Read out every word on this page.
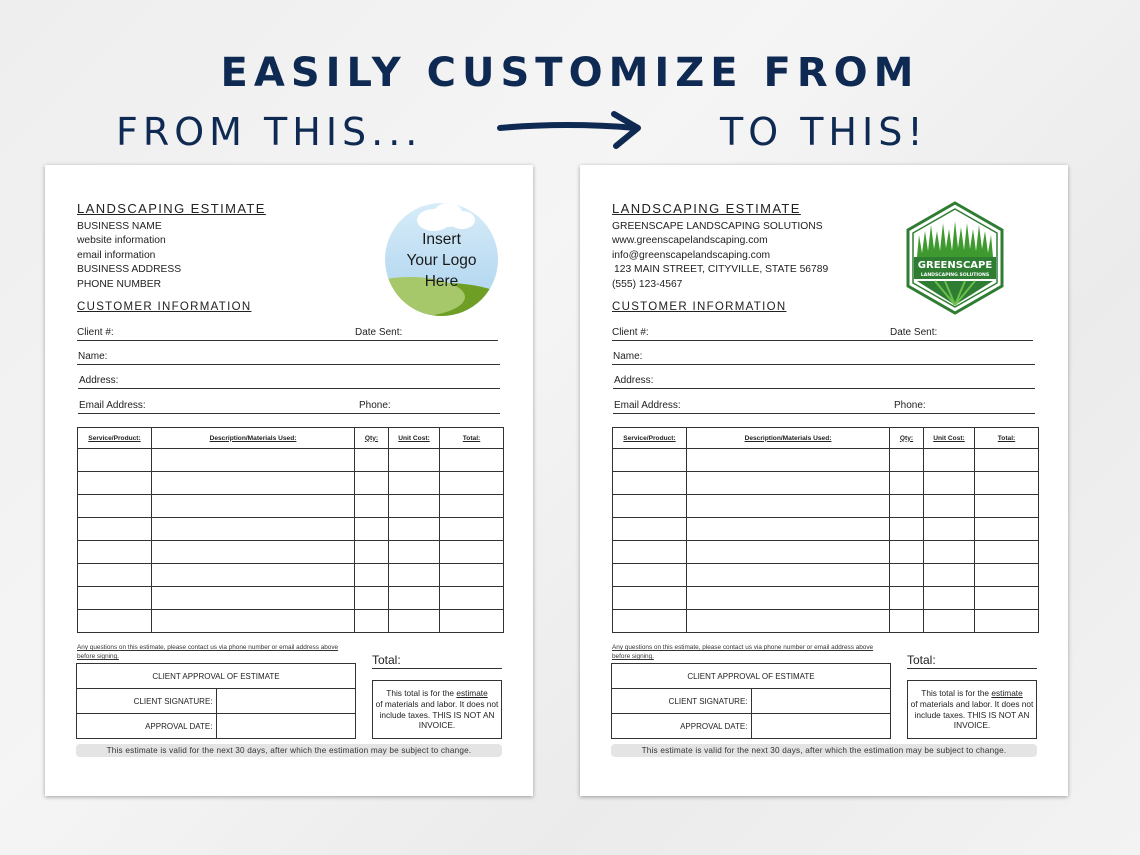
EASILY CUSTOMIZE FROM
FROM THIS...	TO THIS!
LANDSCAPING ESTIMATE
BUSINESS NAME
website information
email information
BUSINESS ADDRESS
PHONE NUMBER
Insert
Your Logo
Here
CUSTOMER INFORMATION
Client #:	Date Sent:
Name:
Address:
Email Address:	Phone:
Service/Product:	Description/Materials Used:	Qty:	Unit Cost:	Total:

Any questions on this estimate, please contact us via phone number or email address above before signing.
CLIENT APPROVAL OF ESTIMATE	
CLIENT SIGNATURE:	
APPROVAL DATE:	
Total:
This total is for the estimate
of materials and labor. It does not include taxes. THIS IS NOT AN INVOICE.
This estimate is valid for the next 30 days, after which the estimation may be subject to change.
LANDSCAPING ESTIMATE
GREENSCAPE LANDSCAPING SOLUTIONS
www.greenscapelandscaping.com
info@greenscapelandscaping.com
123 MAIN STREET, CITYVILLE, STATE 56789
(555) 123-4567
GREENSCAPE
LANDSCAPING SOLUTIONS
CUSTOMER INFORMATION
Client #:	Date Sent:
Name:
Address:
Email Address:	Phone:
Service/Product:	Description/Materials Used:	Qty:	Unit Cost:	Total:

Any questions on this estimate, please contact us via phone number or email address above before signing.
CLIENT APPROVAL OF ESTIMATE	
CLIENT SIGNATURE:	
APPROVAL DATE:	
Total:
This total is for the estimate
of materials and labor. It does not include taxes. THIS IS NOT AN INVOICE.
This estimate is valid for the next 30 days, after which the estimation may be subject to change.
